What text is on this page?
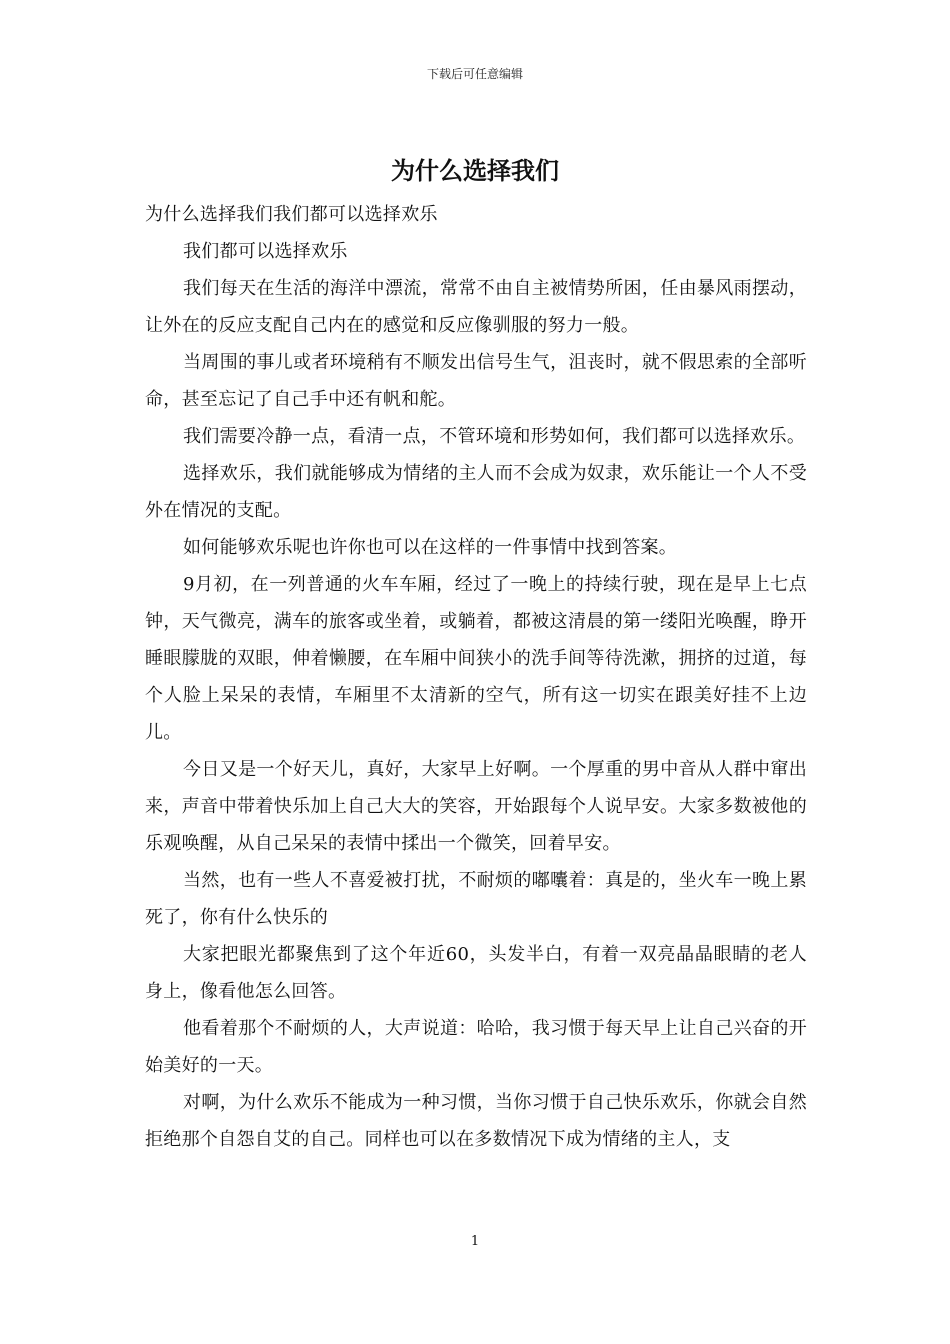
下载后可任意编辑
为什么选择我们

为什么选择我们我们都可以选择欢乐

我们都可以选择欢乐

我们每天在生活的海洋中漂流，常常不由自主被情势所困，任由暴风雨摆动，让外在的反应支配自己内在的感觉和反应像驯服的努力一般。

当周围的事儿或者环境稍有不顺发出信号生气，沮丧时，就不假思索的全部听命，甚至忘记了自己手中还有帆和舵。

我们需要冷静一点，看清一点，不管环境和形势如何，我们都可以选择欢乐。

选择欢乐，我们就能够成为情绪的主人而不会成为奴隶，欢乐能让一个人不受外在情况的支配。

如何能够欢乐呢也许你也可以在这样的一件事情中找到答案。

9月初，在一列普通的火车车厢，经过了一晚上的持续行驶，现在是早上七点钟，天气微亮，满车的旅客或坐着，或躺着，都被这清晨的第一缕阳光唤醒，睁开睡眼朦胧的双眼，伸着懒腰，在车厢中间狭小的洗手间等待洗漱，拥挤的过道，每个人脸上呆呆的表情，车厢里不太清新的空气，所有这一切实在跟美好挂不上边儿。

今日又是一个好天儿，真好，大家早上好啊。一个厚重的男中音从人群中窜出来，声音中带着快乐加上自己大大的笑容，开始跟每个人说早安。大家多数被他的乐观唤醒，从自己呆呆的表情中揉出一个微笑，回着早安。

当然，也有一些人不喜爱被打扰，不耐烦的嘟囔着：真是的，坐火车一晚上累死了，你有什么快乐的

大家把眼光都聚焦到了这个年近60，头发半白，有着一双亮晶晶眼睛的老人身上，像看他怎么回答。

他看着那个不耐烦的人，大声说道：哈哈，我习惯于每天早上让自己兴奋的开始美好的一天。

对啊，为什么欢乐不能成为一种习惯，当你习惯于自己快乐欢乐，你就会自然拒绝那个自怨自艾的自己。同样也可以在多数情况下成为情绪的主人，支

1
